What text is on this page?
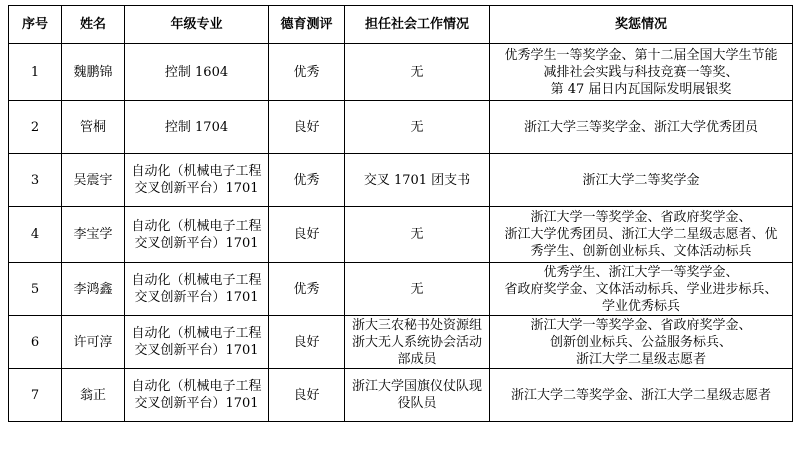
序号	姓名	年级专业	德育测评	担任社会工作情况	奖惩情况
1	魏鹏锦	控制 1604	优秀	无	优秀学生一等奖学金、第十二届全国大学生节能
减排社会实践与科技竞赛一等奖、
第 47 届日内瓦国际发明展银奖

2	管桐	控制 1704	良好	无	浙江大学三等奖学金、浙江大学优秀团员

3	吴震宇	自动化（机械电子工程交叉创新平台）1701	优秀	交叉 1701 团支书	浙江大学二等奖学金

4	李宝学	自动化（机械电子工程交叉创新平台）1701	良好	无	浙江大学一等奖学金、省政府奖学金、
浙江大学优秀团员、浙江大学二星级志愿者、优
秀学生、创新创业标兵、文体活动标兵

5	李鸿鑫	自动化（机械电子工程交叉创新平台）1701	优秀	无	优秀学生、浙江大学一等奖学金、
省政府奖学金、文体活动标兵、学业进步标兵、
学业优秀标兵

6	许可淳	自动化（机械电子工程交叉创新平台）1701	良好	浙大三农秘书处资源组浙大无人系统协会活动部成员	浙江大学一等奖学金、省政府奖学金、
创新创业标兵、公益服务标兵、
浙江大学二星级志愿者

7	翁正	自动化（机械电子工程交叉创新平台）1701	良好	浙江大学国旗仪仗队现役队员	浙江大学二等奖学金、浙江大学二星级志愿者
